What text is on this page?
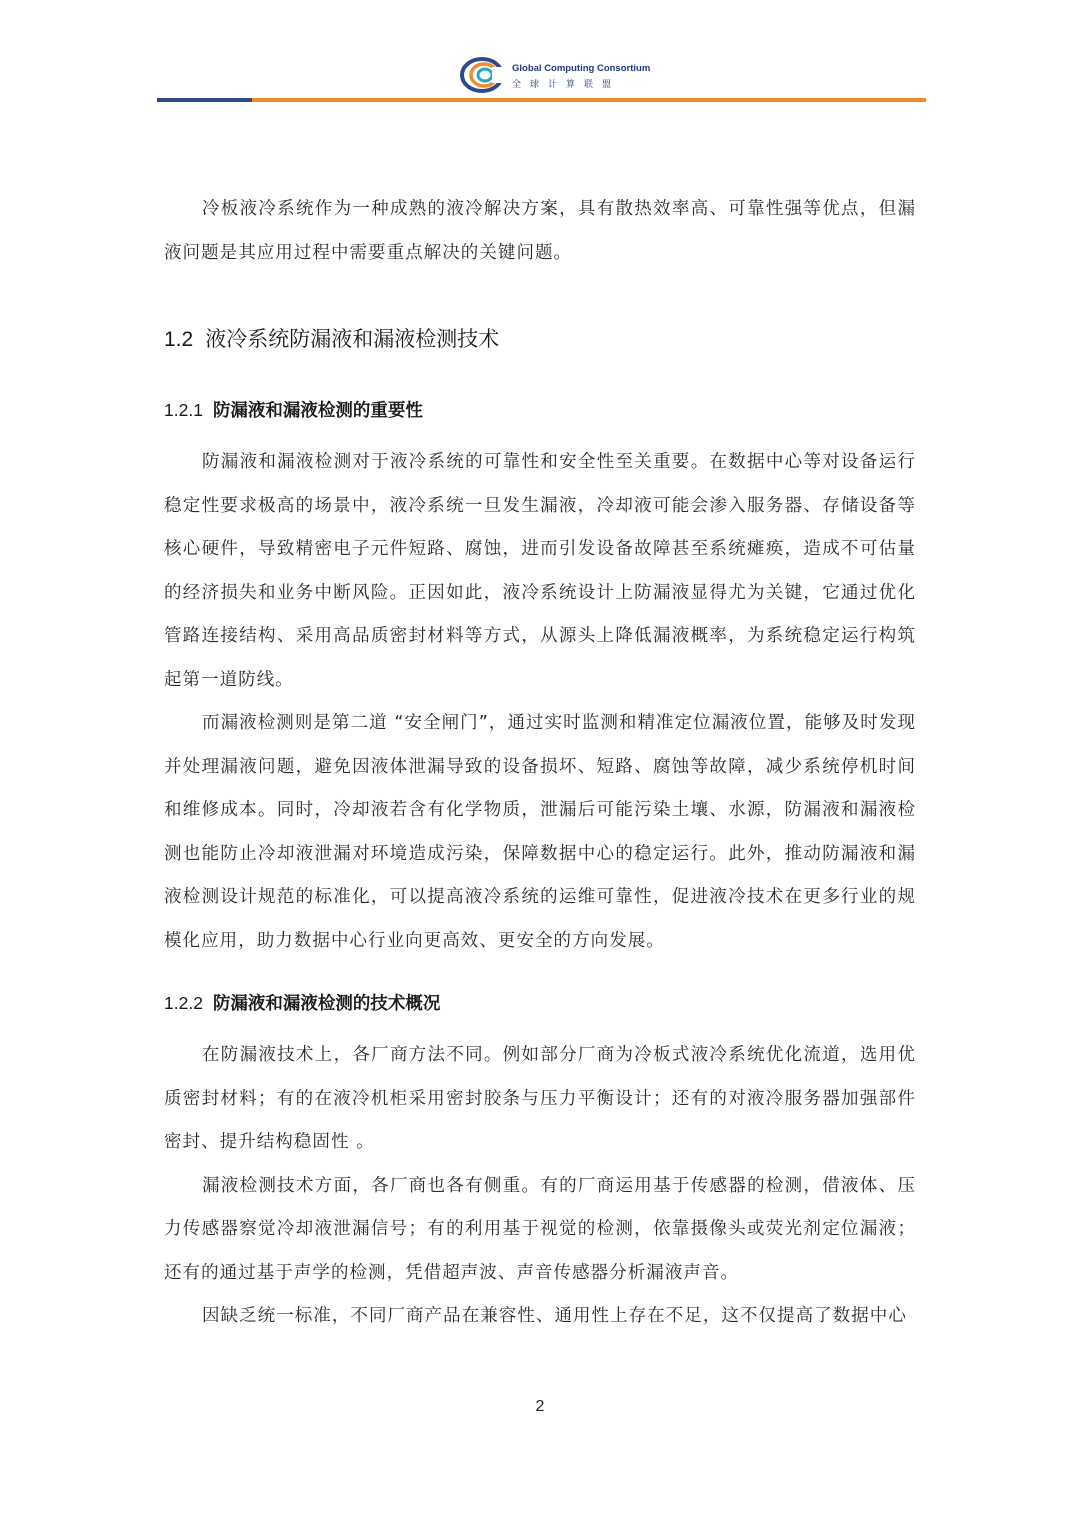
Global Computing Consortium
全球计算联盟

冷板液冷系统作为一种成熟的液冷解决方案，具有散热效率高、可靠性强等优点，但漏液问题是其应用过程中需要重点解决的关键问题。

1.2 液冷系统防漏液和漏液检测技术
1.2.1 防漏液和漏液检测的重要性

防漏液和漏液检测对于液冷系统的可靠性和安全性至关重要。在数据中心等对设备运行稳定性要求极高的场景中，液冷系统一旦发生漏液，冷却液可能会渗入服务器、存储设备等核心硬件，导致精密电子元件短路、腐蚀，进而引发设备故障甚至系统瘫痪，造成不可估量的经济损失和业务中断风险。正因如此，液冷系统设计上防漏液显得尤为关键，它通过优化管路连接结构、采用高品质密封材料等方式，从源头上降低漏液概率，为系统稳定运行构筑起第一道防线。

而漏液检测则是第二道 “安全闸门”，通过实时监测和精准定位漏液位置，能够及时发现并处理漏液问题，避免因液体泄漏导致的设备损坏、短路、腐蚀等故障，减少系统停机时间和维修成本。同时，冷却液若含有化学物质，泄漏后可能污染土壤、水源，防漏液和漏液检测也能防止冷却液泄漏对环境造成污染，保障数据中心的稳定运行。此外，推动防漏液和漏液检测设计规范的标准化，可以提高液冷系统的运维可靠性，促进液冷技术在更多行业的规模化应用，助力数据中心行业向更高效、更安全的方向发展。

1.2.2 防漏液和漏液检测的技术概况

在防漏液技术上，各厂商方法不同。例如部分厂商为冷板式液冷系统优化流道，选用优质密封材料；有的在液冷机柜采用密封胶条与压力平衡设计；还有的对液冷服务器加强部件密封、提升结构稳固性 。

漏液检测技术方面，各厂商也各有侧重。有的厂商运用基于传感器的检测，借液体、压力传感器察觉冷却液泄漏信号；有的利用基于视觉的检测，依靠摄像头或荧光剂定位漏液；还有的通过基于声学的检测，凭借超声波、声音传感器分析漏液声音。

因缺乏统一标准，不同厂商产品在兼容性、通用性上存在不足，这不仅提高了数据中心

2
